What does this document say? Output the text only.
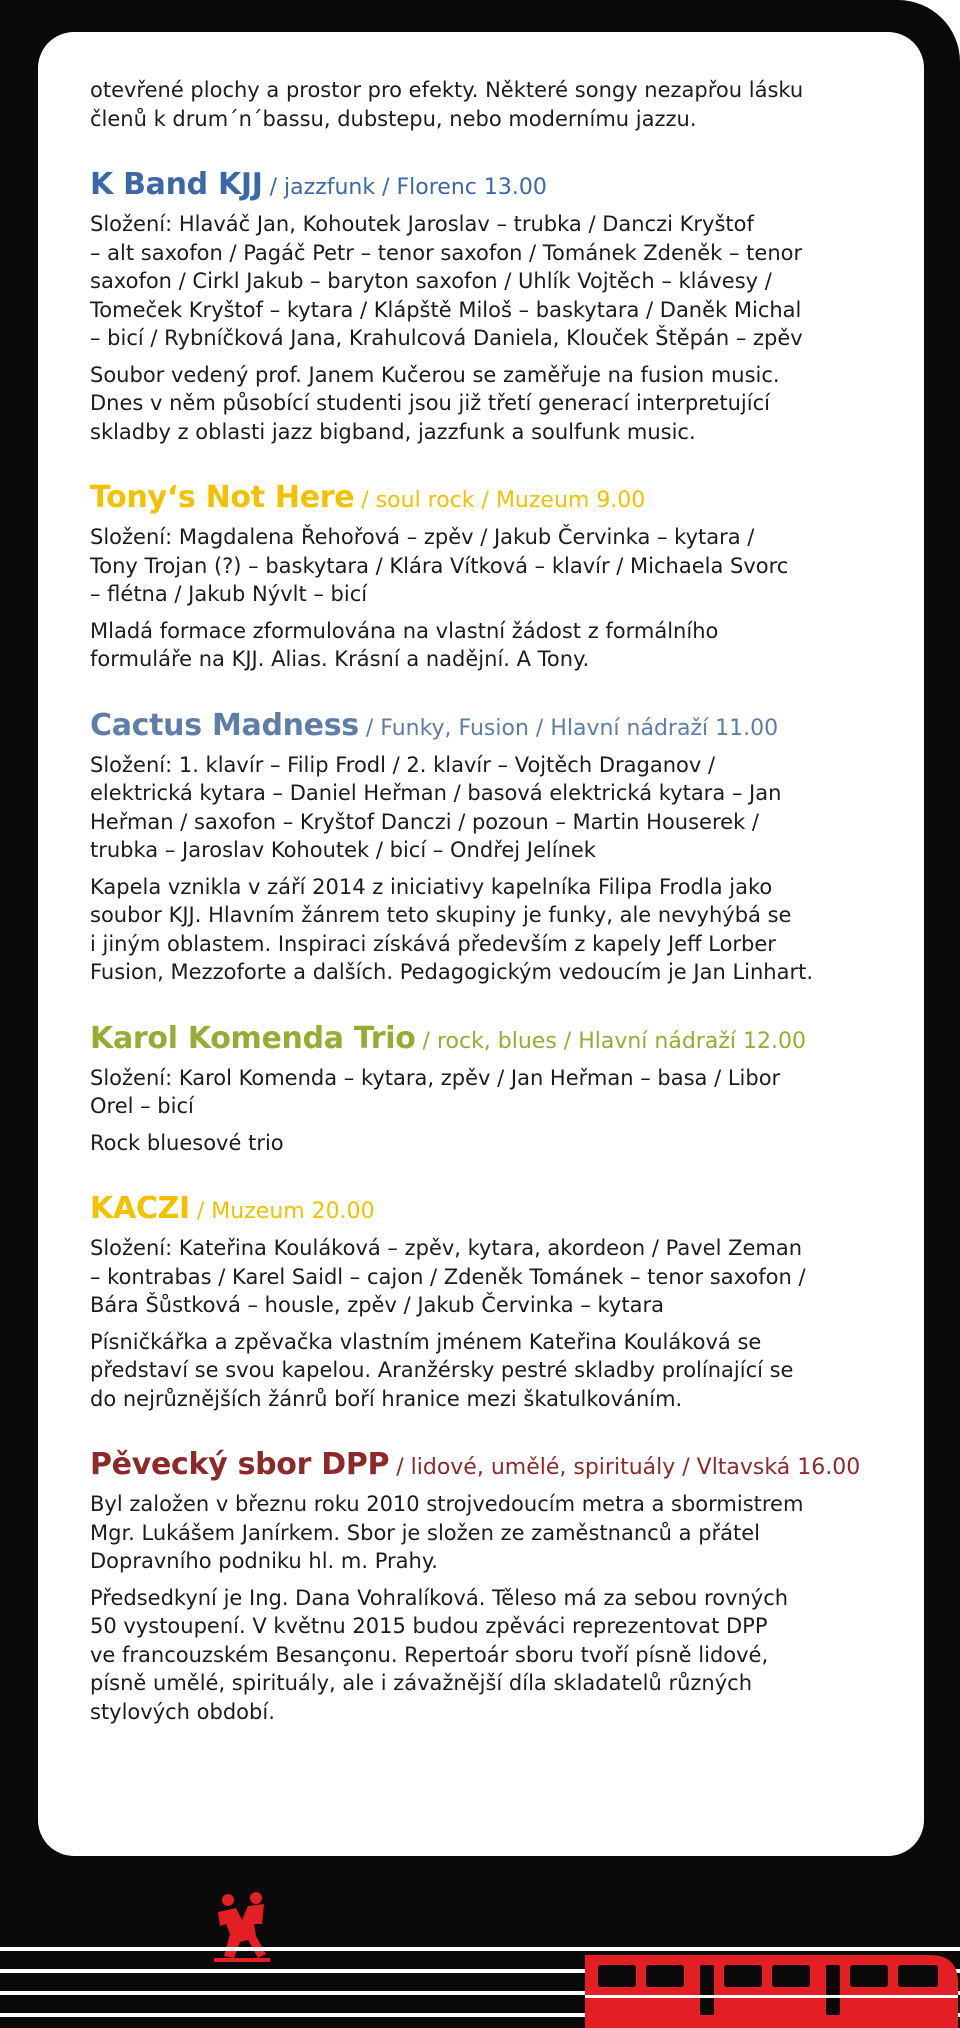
otevřené plochy a prostor pro efekty. Některé songy nezapřou lásku
členů k drum´n´bassu, dubstepu, nebo modernímu jazzu.
K Band KJJ / jazzfunk / Florenc 13.00
Složení: Hlaváč Jan, Kohoutek Jaroslav – trubka / Danczi Kryštof
– alt saxofon / Pagáč Petr – tenor saxofon / Tománek Zdeněk – tenor
saxofon / Cirkl Jakub – baryton saxofon / Uhlík Vojtěch – klávesy /
Tomeček Kryštof – kytara / Klápště Miloš – baskytara / Daněk Michal
– bicí / Rybníčková Jana, Krahulcová Daniela, Klouček Štěpán – zpěv
Soubor vedený prof. Janem Kučerou se zaměřuje na fusion music.
Dnes v něm působící studenti jsou již třetí generací interpretující
skladby z oblasti jazz bigband, jazzfunk a soulfunk music.
Tony‘s Not Here / soul rock / Muzeum 9.00
Složení: Magdalena Řehořová – zpěv / Jakub Červinka – kytara /
Tony Trojan (?) – baskytara / Klára Vítková – klavír / Michaela Svorc
– flétna / Jakub Nývlt – bicí
Mladá formace zformulována na vlastní žádost z formálního
formuláře na KJJ. Alias. Krásní a nadějní. A Tony.
Cactus Madness / Funky, Fusion / Hlavní nádraží 11.00
Složení: 1. klavír – Filip Frodl / 2. klavír – Vojtěch Draganov /
elektrická kytara – Daniel Heřman / basová elektrická kytara – Jan
Heřman / saxofon – Kryštof Danczi / pozoun – Martin Houserek /
trubka – Jaroslav Kohoutek / bicí – Ondřej Jelínek
Kapela vznikla v září 2014 z iniciativy kapelníka Filipa Frodla jako
soubor KJJ. Hlavním žánrem teto skupiny je funky, ale nevyhýbá se
i jiným oblastem. Inspiraci získává především z kapely Jeff Lorber
Fusion, Mezzoforte a dalších. Pedagogickým vedoucím je Jan Linhart.
Karol Komenda Trio / rock, blues / Hlavní nádraží 12.00
Složení: Karol Komenda – kytara, zpěv / Jan Heřman – basa / Libor
Orel – bicí
Rock bluesové trio
KACZI / Muzeum 20.00
Složení: Kateřina Kouláková – zpěv, kytara, akordeon / Pavel Zeman
– kontrabas / Karel Saidl – cajon / Zdeněk Tománek – tenor saxofon /
Bára Šůstková – housle, zpěv / Jakub Červinka – kytara
Písničkářka a zpěvačka vlastním jménem Kateřina Kouláková se
představí se svou kapelou. Aranžérsky pestré skladby prolínající se
do nejrůznějších žánrů boří hranice mezi škatulkováním.
Pěvecký sbor DPP / lidové, umělé, spirituály / Vltavská 16.00
Byl založen v březnu roku 2010 strojvedoucím metra a sbormistrem
Mgr. Lukášem Janírkem. Sbor je složen ze zaměstnanců a přátel
Dopravního podniku hl. m. Prahy.
Předsedkyní je Ing. Dana Vohralíková. Těleso má za sebou rovných
50 vystoupení. V květnu 2015 budou zpěváci reprezentovat DPP
ve francouzském Besançonu. Repertoár sboru tvoří písně lidové,
písně umělé, spirituály, ale i závažnější díla skladatelů různých
stylových období.
